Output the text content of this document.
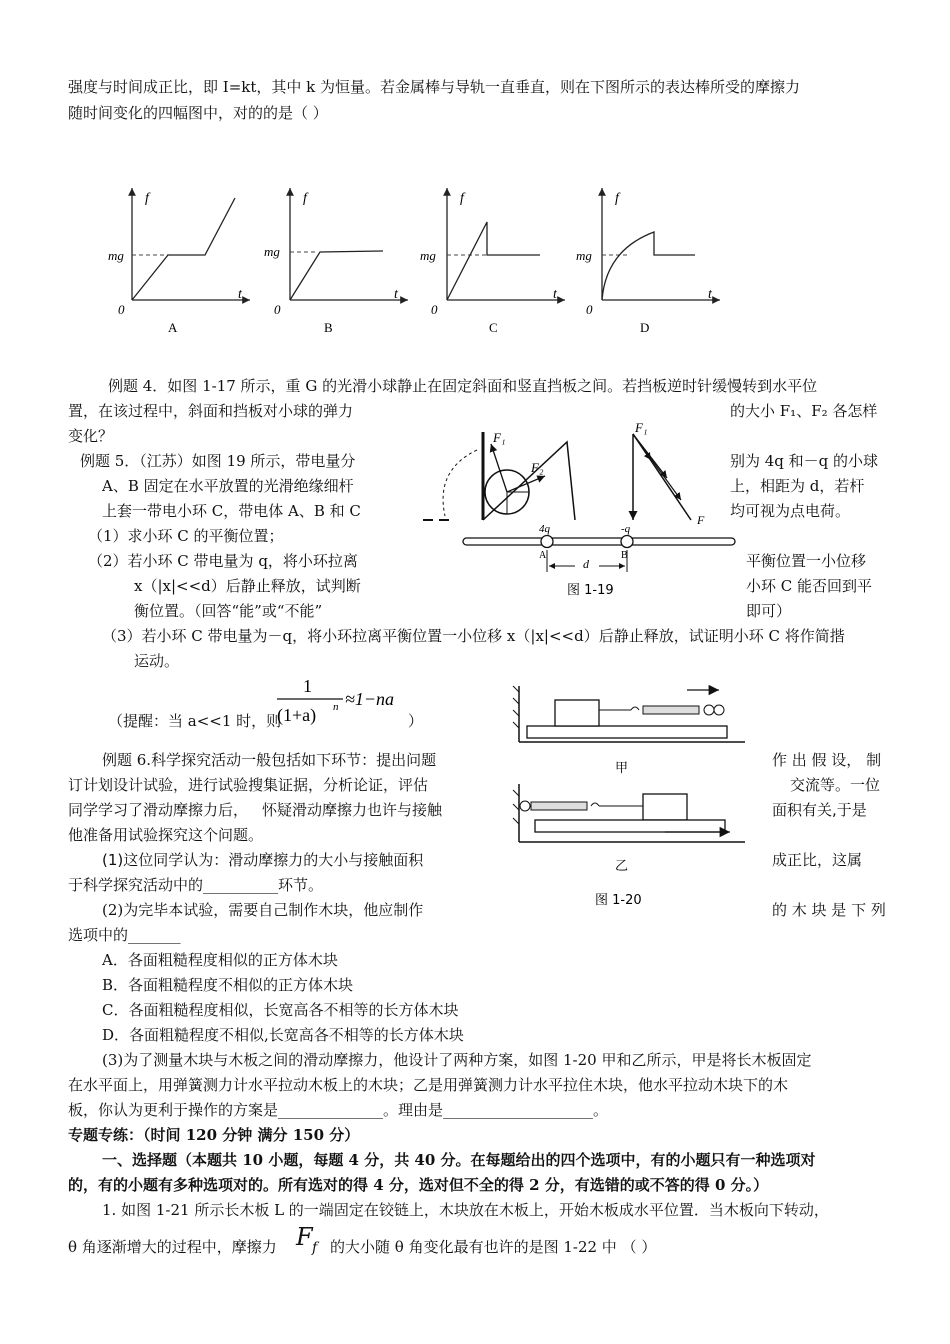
强度与时间成正比，即 I=kt，其中 k 为恒量。若金属棒与导轨一直垂直，则在下图所示的表达棒所受的摩擦力
随时间变化的四幅图中，对的的是（ ）
f
t
mg
0
A
f
t
mg
0
B
f
t
mg
0
C
f
t
mg
0
D
例题 4．如图 1-17 所示，重 G 的光滑小球静止在固定斜面和竖直挡板之间。若挡板逆时针缓慢转到水平位
置，在该过程中，斜面和挡板对小球的弹力	的大小 F₁、F₂ 各怎样
变化？	F₁
F₂
F₁
F
例题 5．（江苏）如图 19 所示，带电量分	别为 4q 和－q 的小球
A、B 固定在水平放置的光滑绝缘细杆	上，相距为 d，若杆
上套一带电小环 C，带电体 A、B 和 C	均可视为点电荷。
（1）求小环 C 的平衡位置；
（2）若小环 C 带电量为 q，将小环拉离	平衡位置一小位移
x（|x|<<d）后静止释放，试判断	小环 C 能否回到平
衡位置。（回答“能”或“不能”	即可）
（3）若小环 C 带电量为－q，将小环拉离平衡位置一小位移 x（|x|<<d）后静止释放，试证明小环 C 将作简揩
运动。
4q	-q
A	B
d
图 1-19
（提醒：当 a<<1 时，则
1
(1+a) n ≈1−na
）
甲
乙
图 1-20
例题 6.科学探究活动一般包括如下环节：提出问题	作 出 假 设， 制
订计划设计试验，进行试验搜集证据，分析论证，评估	交流等。一位
同学学习了滑动摩擦力后， 怀疑滑动摩擦力也许与接触	面积有关,于是
他准备用试验探究这个问题。
(1)这位同学认为：滑动摩擦力的大小与接触面积	成正比，这属
于科学探究活动中的__________环节。
(2)为完毕本试验，需要自己制作木块，他应制作	的 木 块 是 下 列
选项中的_______
A．各面粗糙程度相似的正方体木块
B．各面粗糙程度不相似的正方体木块
C．各面粗糙程度相似，长宽高各不相等的长方体木块
D．各面粗糙程度不相似,长宽高各不相等的长方体木块
(3)为了测量木块与木板之间的滑动摩擦力，他设计了两种方案，如图 1-20 甲和乙所示，甲是将长木板固定
在水平面上，用弹簧测力计水平拉动木板上的木块；乙是用弹簧测力计水平拉住木块，他水平拉动木块下的木
板，你认为更利于操作的方案是______________。理由是____________________。
专题专练：（时间 120 分钟 满分 150 分）
一、选择题（本题共 10 小题，每题 4 分，共 40 分。在每题给出的四个选项中，有的小题只有一种选项对
的，有的小题有多种选项对的。所有选对的得 4 分，选对但不全的得 2 分，有选错的或不答的得 0 分。）
1. 如图 1-21 所示长木板 L 的一端固定在铰链上，木块放在木板上，开始木板成水平位置．当木板向下转动，
θ 角逐渐增大的过程中，摩擦力 F f 的大小随 θ 角变化最有也许的是图 1-22 中 （ ）
